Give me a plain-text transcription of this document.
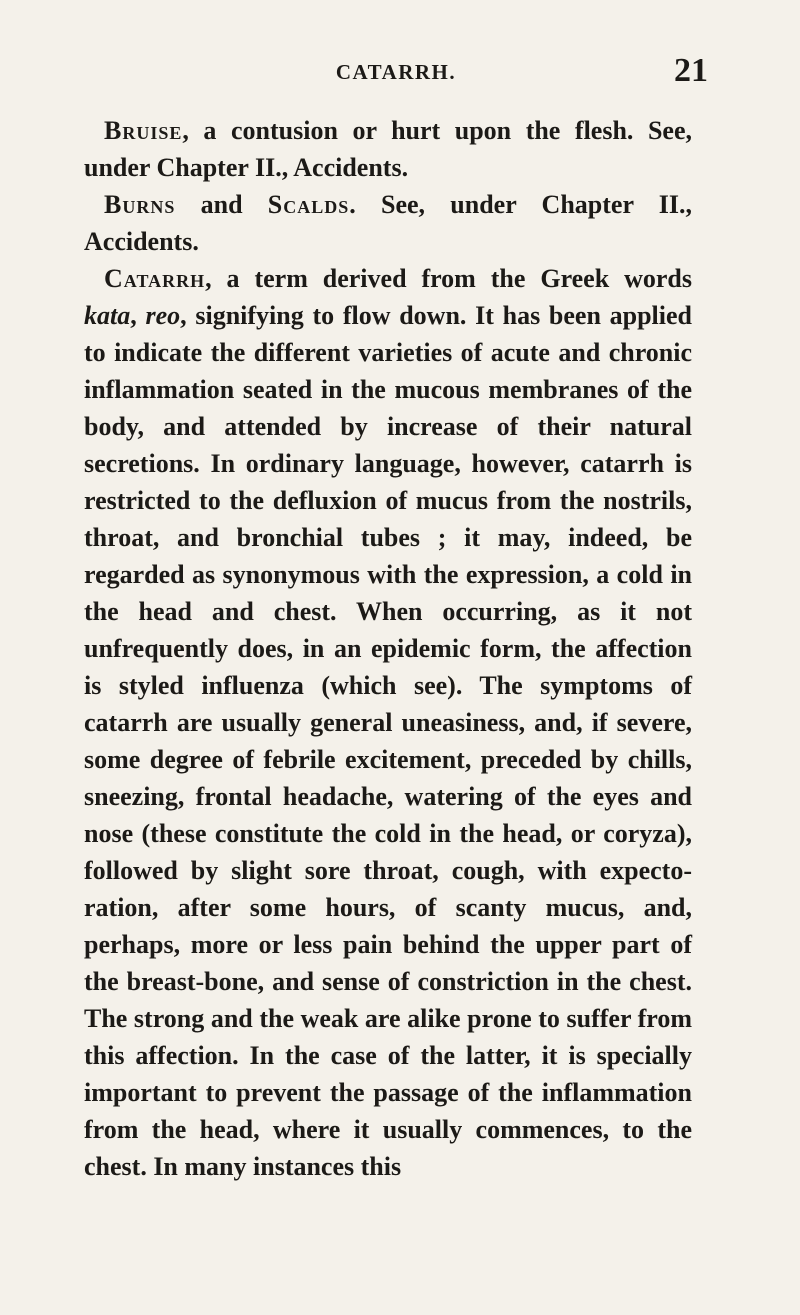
CATARRH.	21

Bruise, a contusion or hurt upon the flesh. See, under Chapter II., Accidents.

Burns and Scalds. See, under Chapter II., Accidents.

Catarrh, a term derived from the Greek words kata, reo, signifying to flow down. It has been applied to indicate the different varieties of acute and chronic inflammation seated in the mucous membranes of the body, and attended by increase of their natural secretions. In ordinary language, however, catarrh is restricted to the defluxion of mucus from the nostrils, throat, and bronchial tubes ; it may, indeed, be regarded as synonymous with the expression, a cold in the head and chest. When occurring, as it not unfrequently does, in an epidemic form, the affection is styled influenza (which see). The symptoms of catarrh are usually general uneasiness, and, if severe, some degree of febrile excitement, preceded by chills, sneezing, frontal headache, watering of the eyes and nose (these constitute the cold in the head, or coryza), followed by slight sore throat, cough, with expecto- ration, after some hours, of scanty mucus, and, perhaps, more or less pain behind the upper part of the breast-bone, and sense of constriction in the chest. The strong and the weak are alike prone to suffer from this affection. In the case of the latter, it is specially important to prevent the passage of the inflammation from the head, where it usually commences, to the chest. In many instances this
